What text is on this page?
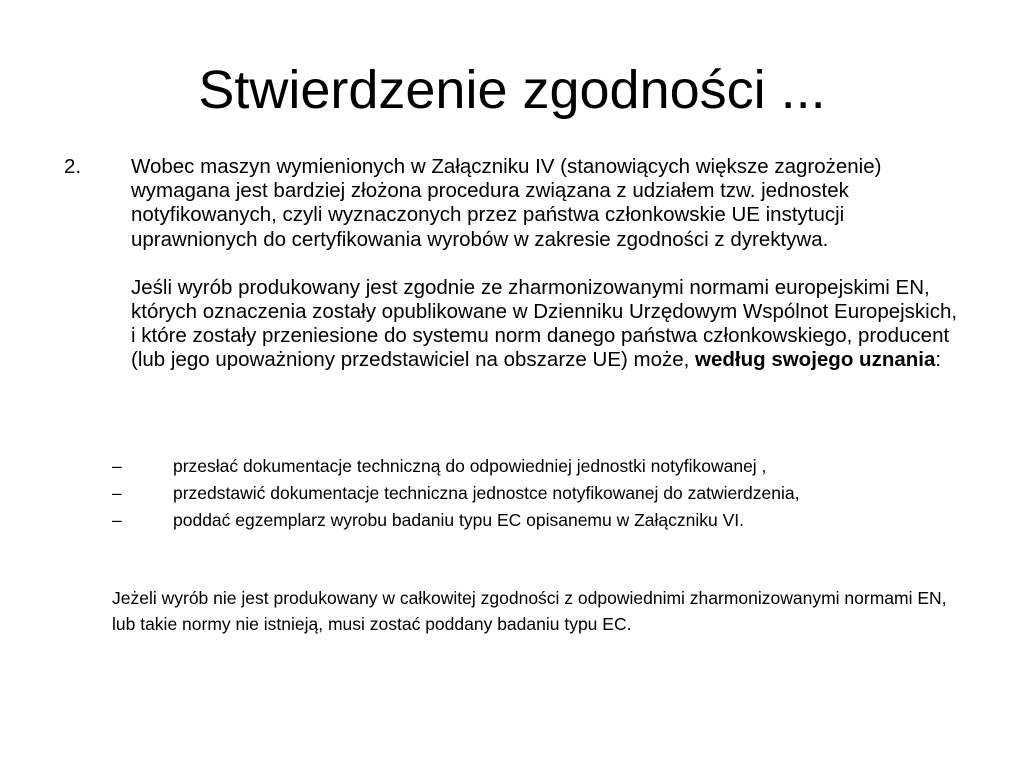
Stwierdzenie zgodności ...
2. Wobec maszyn wymienionych w Załączniku IV (stanowiących większe zagrożenie) wymagana jest bardziej złożona procedura związana z udziałem tzw. jednostek notyfikowanych, czyli wyznaczonych przez państwa członkowskie UE instytucji uprawnionych do certyfikowania wyrobów w zakresie zgodności z dyrektywa.

Jeśli wyrób produkowany jest zgodnie ze zharmonizowanymi normami europejskimi EN, których oznaczenia zostały opublikowane w Dzienniku Urzędowym Wspólnot Europejskich, i które zostały przeniesione do systemu norm danego państwa członkowskiego, producent (lub jego upoważniony przedstawiciel na obszarze UE) może, według swojego uznania:

–	przesłać dokumentacje techniczną do odpowiedniej jednostki notyfikowanej ,
–	przedstawić dokumentacje techniczna jednostce notyfikowanej do zatwierdzenia,
–	poddać egzemplarz wyrobu badaniu typu EC opisanemu w Załączniku VI.

Jeżeli wyrób nie jest produkowany w całkowitej zgodności z odpowiednimi zharmonizowanymi normami EN, lub takie normy nie istnieją, musi zostać poddany badaniu typu EC.
